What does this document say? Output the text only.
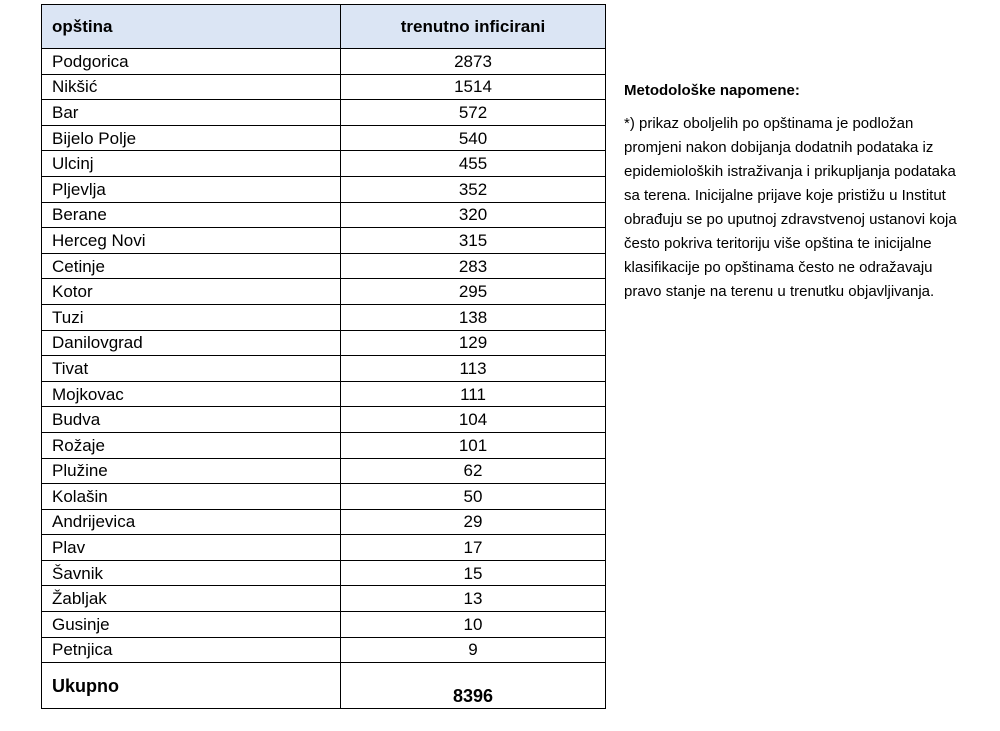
opština	trenutno inficirani
Podgorica	2873
Nikšić	1514
Bar	572
Bijelo Polje	540
Ulcinj	455
Pljevlja	352
Berane	320
Herceg Novi	315
Cetinje	283
Kotor	295
Tuzi	138
Danilovgrad	129
Tivat	113
Mojkovac	111
Budva	104
Rožaje	101
Plužine	62
Kolašin	50
Andrijevica	29
Plav	17
Šavnik	15
Žabljak	13
Gusinje	10
Petnjica	9
Ukupno	8396

Metodološke napomene:

*) prikaz oboljelih po opštinama je podložan promjeni nakon dobijanja dodatnih podataka iz epidemioloških istraživanja i prikupljanja podataka sa terena. Inicijalne prijave koje pristižu u Institut obrađuju se po uputnoj zdravstvenoj ustanovi koja često pokriva teritoriju više opština te inicijalne klasifikacije po opštinama često ne odražavaju pravo stanje na terenu u trenutku objavljivanja.
